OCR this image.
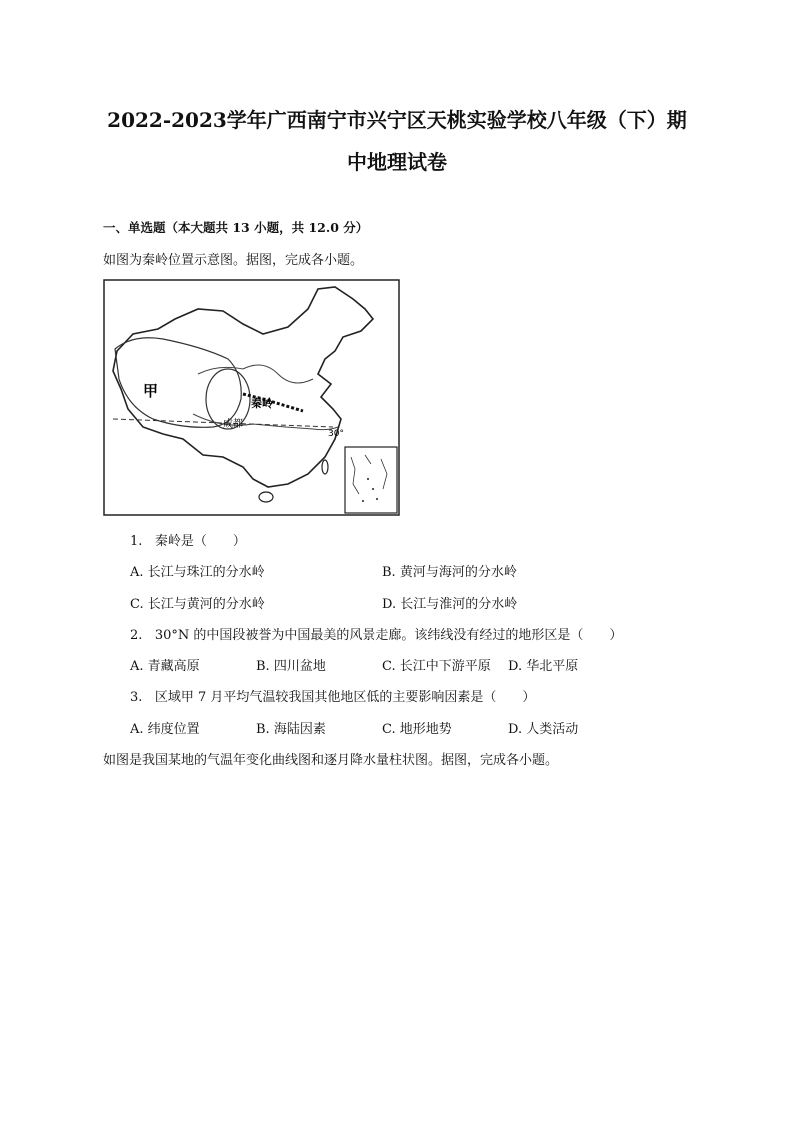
2022-2023学年广西南宁市兴宁区天桃实验学校八年级（下）期
中地理试卷
一、单选题（本大题共 13 小题，共 12.0 分）
如图为秦岭位置示意图。据图，完成各小题。
甲
秦岭
成都
30°
1. 秦岭是（　　）
A. 长江与珠江的分水岭	B. 黄河与海河的分水岭
C. 长江与黄河的分水岭	D. 长江与淮河的分水岭
2. 30°N 的中国段被誉为中国最美的风景走廊。该纬线没有经过的地形区是（　　）
A. 青藏高原	B. 四川盆地	C. 长江中下游平原 D. 华北平原
3. 区域甲 7 月平均气温较我国其他地区低的主要影响因素是（　　）
A. 纬度位置	B. 海陆因素	C. 地形地势	D. 人类活动
如图是我国某地的气温年变化曲线图和逐月降水量柱状图。据图，完成各小题。
